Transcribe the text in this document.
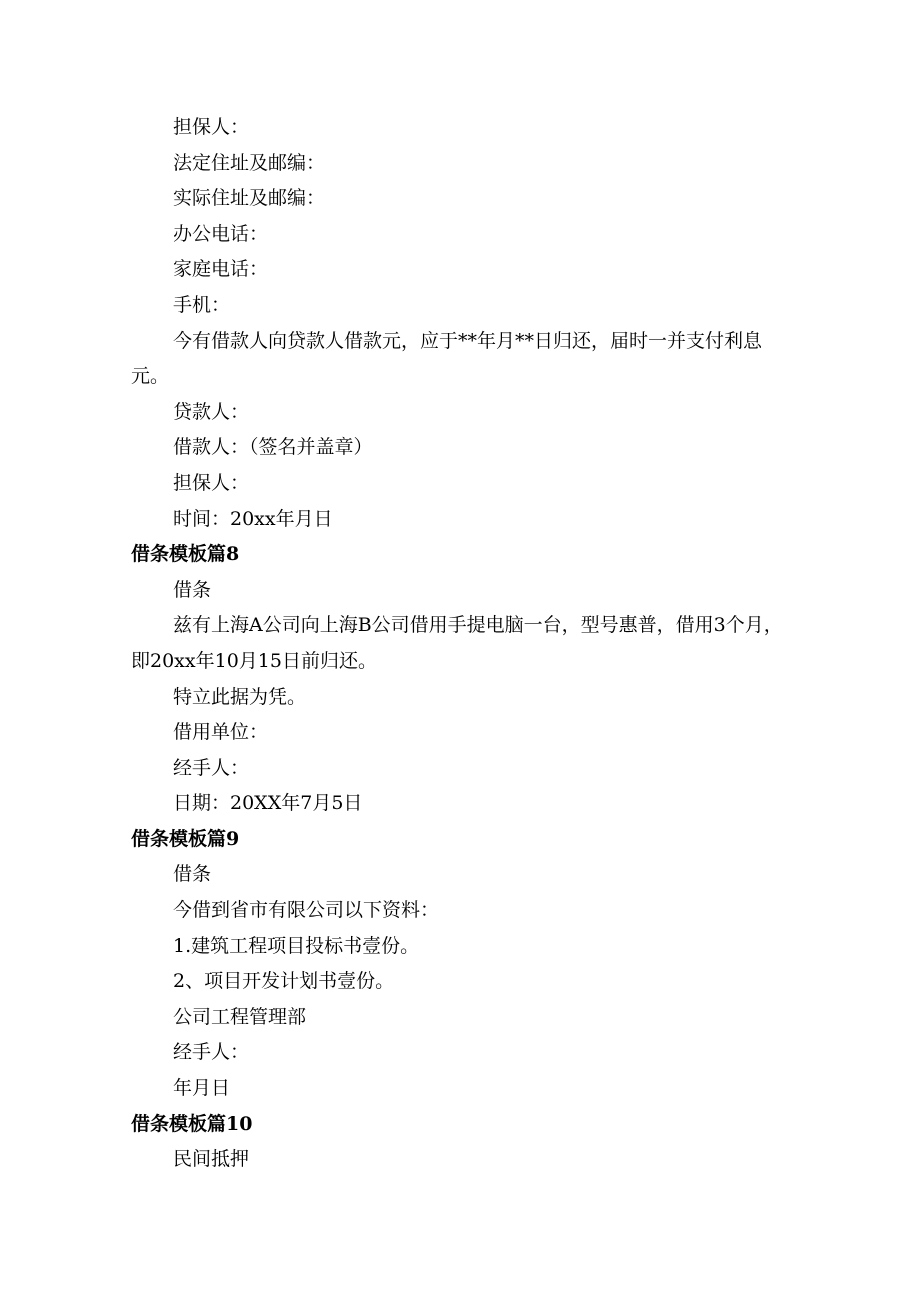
担保人：
法定住址及邮编：
实际住址及邮编：
办公电话：
家庭电话：
手机：
今有借款人向贷款人借款元，应于**年月**日归还，届时一并支付利息元。
贷款人：
借款人：（签名并盖章）
担保人：
时间：20xx年月日
借条模板篇8
借条
兹有上海A公司向上海B公司借用手提电脑一台，型号惠普，借用3个月，即20xx年10月15日前归还。
特立此据为凭。
借用单位：
经手人：
日期：20XX年7月5日
借条模板篇9
借条
今借到省市有限公司以下资料：
1.建筑工程项目投标书壹份。
2、项目开发计划书壹份。
公司工程管理部
经手人：
年月日
借条模板篇10
民间抵押
